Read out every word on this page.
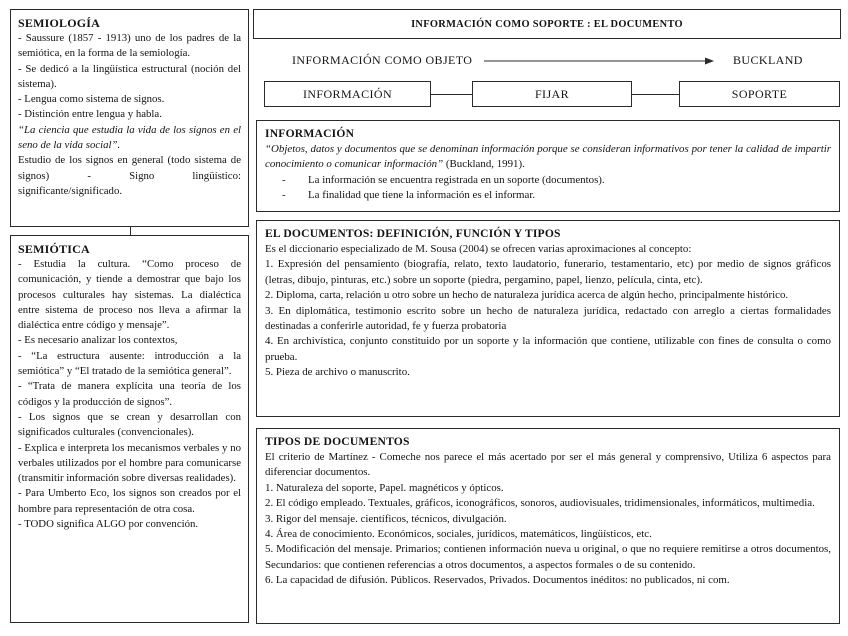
SEMIOLOGÍA

- Saussure (1857 - 1913) uno de los padres de la semiótica, en la forma de la semiología.

- Se dedicó a la lingüística estructural (noción del sistema).

- Lengua como sistema de signos.

- Distinción entre lengua y habla.

“La ciencia que estudia la vida de los signos en el seno de la vida social”.

Estudio de los signos en general (todo sistema de signos) - Signo lingüístico: significante/significado.

SEMIÓTICA

- Estudia la cultura. “Como proceso de comunicación, y tiende a demostrar que bajo los procesos culturales hay sistemas. La dialéctica entre sistema de proceso nos lleva a afirmar la dialéctica entre código y mensaje”.

- Es necesario analizar los contextos,

- “La estructura ausente: introducción a la semiótica” y “El tratado de la semiótica general”.

- “Trata de manera explícita una teoría de los códigos y la producción de signos”.

- Los signos que se crean y desarrollan con significados culturales (convencionales).

- Explica e interpreta los mecanismos verbales y no verbales utilizados por el hombre para comunicarse (transmitir información sobre diversas realidades).

- Para Umberto Eco, los signos son creados por el hombre para representación de otra cosa.

- TODO significa ALGO por convención.

INFORMACIÓN COMO SOPORTE : EL DOCUMENTO
INFORMACIÓN COMO OBJETO	BUCKLAND
INFORMACIÓN	FIJAR	SOPORTE
INFORMACIÓN

“Objetos, datos y documentos que se denominan información porque se consideran informativos por tener la calidad de impartir conocimiento o comunicar información” (Buckland, 1991).

-	La información se encuentra registrada en un soporte (documentos).
-	La finalidad que tiene la información es el informar.
EL DOCUMENTOS: DEFINICIÓN, FUNCIÓN Y TIPOS

Es el diccionario especializado de M. Sousa (2004) se ofrecen varias aproximaciones al concepto:

1. Expresión del pensamiento (biografía, relato, texto laudatorio, funerario, testamentario, etc) por medio de signos gráficos (letras, dibujo, pinturas, etc.) sobre un soporte (piedra, pergamino, papel, lienzo, película, cinta, etc).

2. Diploma, carta, relación u otro sobre un hecho de naturaleza jurídica acerca de algún hecho, principalmente histórico.

3. En diplomática, testimonio escrito sobre un hecho de naturaleza jurídica, redactado con arreglo a ciertas formalidades destinadas a conferirle autoridad, fe y fuerza probatoria

4. En archivística, conjunto constituido por un soporte y la información que contiene, utilizable con fines de consulta o como prueba.

5. Pieza de archivo o manuscrito.

TIPOS DE DOCUMENTOS

El criterio de Martínez - Comeche nos parece el más acertado por ser el más general y comprensivo, Utiliza 6 aspectos para diferenciar documentos.

1. Naturaleza del soporte, Papel. magnéticos y ópticos.

2. El código empleado. Textuales, gráficos, iconográficos, sonoros, audiovisuales, tridimensionales, informáticos, multimedia.

3. Rigor del mensaje. científicos, técnicos, divulgación.

4. Área de conocimiento. Económicos, sociales, jurídicos, matemáticos, lingüísticos, etc.

5. Modificación del mensaje. Primarios; contienen información nueva u original, o que no requiere remitirse a otros documentos, Secundarios: que contienen referencias a otros documentos, a aspectos formales o de su contenido.

6. La capacidad de difusión. Públicos. Reservados, Privados. Documentos inéditos: no publicados, ni com.
